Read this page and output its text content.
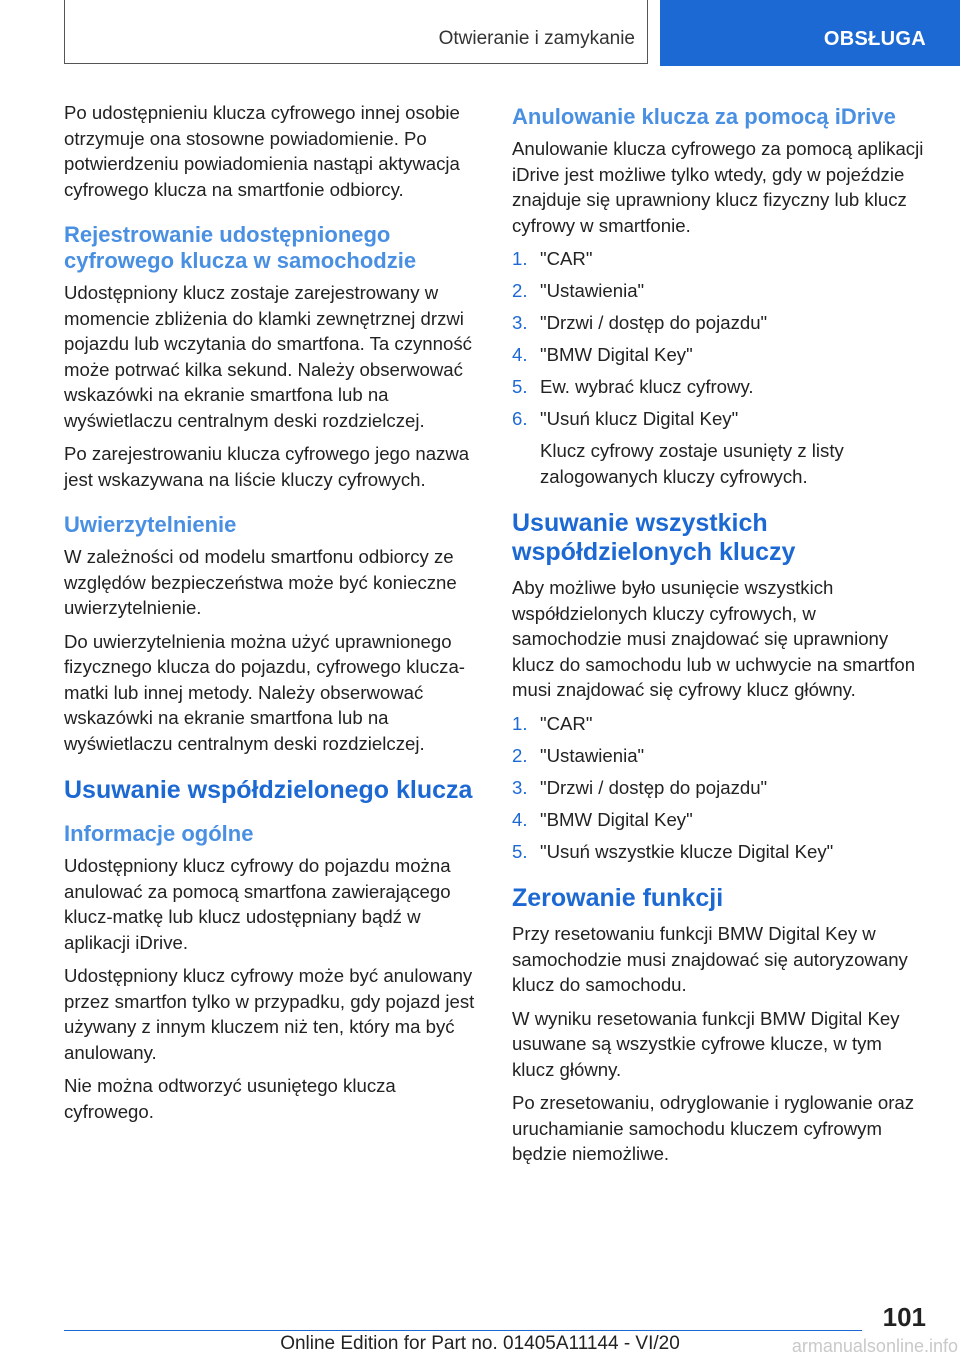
Otwieranie i zamykanie	OBSŁUGA

Po udostępnieniu klucza cyfrowego innej osobie otrzymuje ona stosowne powiadomienie. Po potwierdzeniu powiadomienia nastąpi aktywacja cyfrowego klucza na smartfonie odbiorcy.

Rejestrowanie udostępnionego cyfrowego klucza w samochodzie

Udostępniony klucz zostaje zarejestrowany w momencie zbliżenia do klamki zewnętrznej drzwi pojazdu lub wczytania do smartfona. Ta czynność może potrwać kilka sekund. Należy obserwować wskazówki na ekranie smartfona lub na wyświetlaczu centralnym deski rozdzielczej.

Po zarejestrowaniu klucza cyfrowego jego nazwa jest wskazywana na liście kluczy cyfrowych.

Uwierzytelnienie

W zależności od modelu smartfonu odbiorcy ze względów bezpieczeństwa może być konieczne uwierzytelnienie.

Do uwierzytelnienia można użyć uprawnionego fizycznego klucza do pojazdu, cyfrowego klucza-matki lub innej metody. Należy obserwować wskazówki na ekranie smartfona lub na wyświetlaczu centralnym deski rozdzielczej.

Usuwanie współdzielonego klucza
Informacje ogólne

Udostępniony klucz cyfrowy do pojazdu można anulować za pomocą smartfona zawierającego klucz-matkę lub klucz udostępniany bądź w aplikacji iDrive.

Udostępniony klucz cyfrowy może być anulowany przez smartfon tylko w przypadku, gdy pojazd jest używany z innym kluczem niż ten, który ma być anulowany.

Nie można odtworzyć usuniętego klucza cyfrowego.

Anulowanie klucza za pomocą iDrive

Anulowanie klucza cyfrowego za pomocą aplikacji iDrive jest możliwe tylko wtedy, gdy w pojeździe znajduje się uprawniony klucz fizyczny lub klucz cyfrowy w smartfonie.

1. "CAR"
2. "Ustawienia"
3. "Drzwi / dostęp do pojazdu"
4. "BMW Digital Key"
5. Ew. wybrać klucz cyfrowy.
6. "Usuń klucz Digital Key"

Klucz cyfrowy zostaje usunięty z listy zalogowanych kluczy cyfrowych.

Usuwanie wszystkich współdzielonych kluczy

Aby możliwe było usunięcie wszystkich współdzielonych kluczy cyfrowych, w samochodzie musi znajdować się uprawniony klucz do samochodu lub w uchwycie na smartfon musi znajdować się cyfrowy klucz główny.

1. "CAR"
2. "Ustawienia"
3. "Drzwi / dostęp do pojazdu"
4. "BMW Digital Key"
5. "Usuń wszystkie klucze Digital Key"
Zerowanie funkcji

Przy resetowaniu funkcji BMW Digital Key w samochodzie musi znajdować się autoryzowany klucz do samochodu.

W wyniku resetowania funkcji BMW Digital Key usuwane są wszystkie cyfrowe klucze, w tym klucz główny.

Po zresetowaniu, odryglowanie i ryglowanie oraz uruchamianie samochodu kluczem cyfrowym będzie niemożliwe.

101
Online Edition for Part no. 01405A11144 - VI/20	armanualsonline.info
